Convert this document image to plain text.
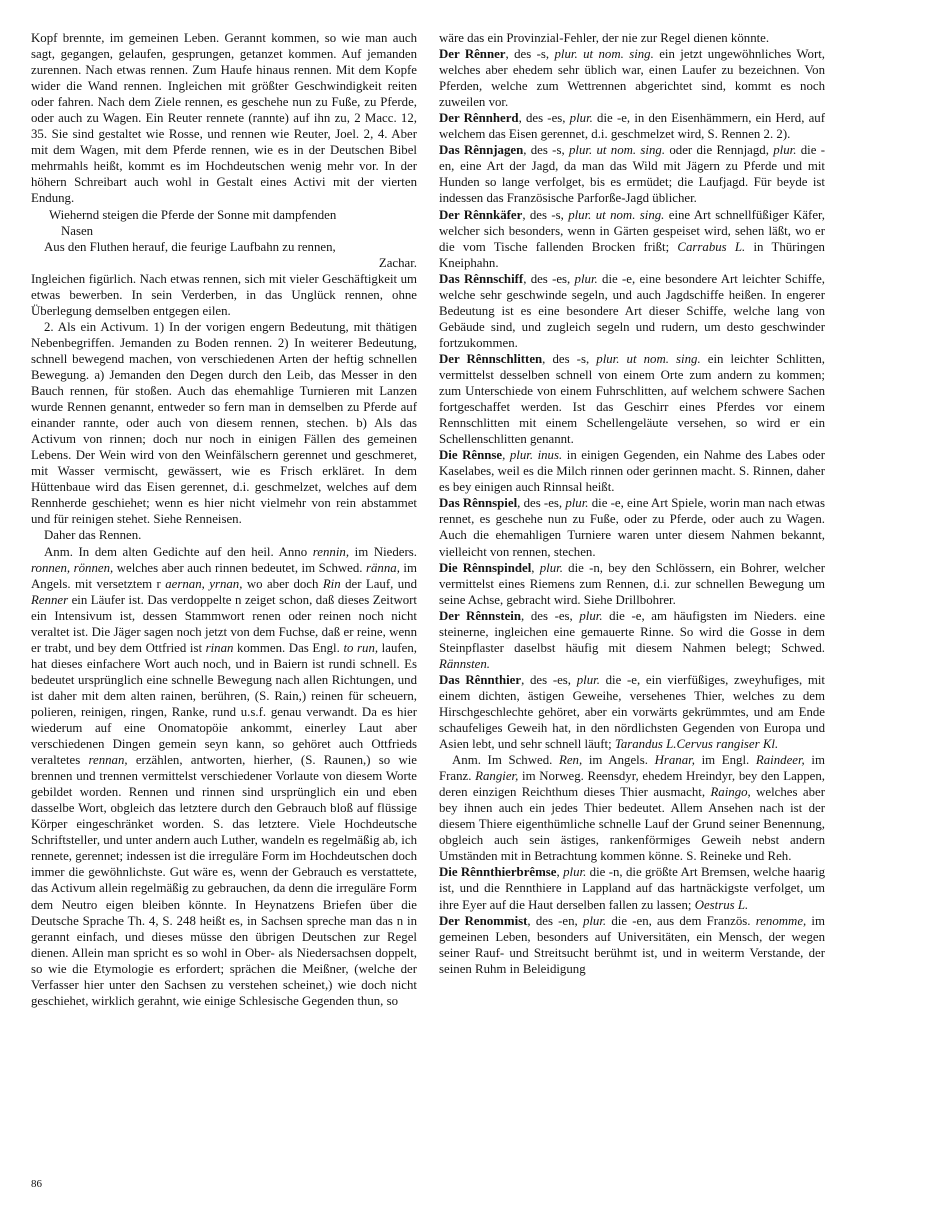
Kopf brennte, im gemeinen Leben. Gerannt kommen, so wie man auch sagt, gegangen, gelaufen, gesprungen, getanzet kommen. Auf jemanden zurennen. Nach etwas rennen. Zum Haufe hinaus rennen. Mit dem Kopfe wider die Wand rennen. Ingleichen mit größter Geschwindigkeit reiten oder fahren. Nach dem Ziele rennen, es geschehe nun zu Fuße, zu Pferde, oder auch zu Wagen. Ein Reuter rennete (rannte) auf ihn zu, 2 Macc. 12, 35. Sie sind gestaltet wie Rosse, und rennen wie Reuter, Joel. 2, 4. Aber mit dem Wagen, mit dem Pferde rennen, wie es in der Deutschen Bibel mehrmahls heißt, kommt es im Hochdeutschen wenig mehr vor. In der höhern Schreibart auch wohl in Gestalt eines Activi mit der vierten Endung.

Wiehernd steigen die Pferde der Sonne mit dampfenden

Nasen

Aus den Fluthen herauf, die feurige Laufbahn zu rennen,

Zachar.

Ingleichen figürlich. Nach etwas rennen, sich mit vieler Geschäftigkeit um etwas bewerben. In sein Verderben, in das Unglück rennen, ohne Überlegung demselben entgegen eilen.

2. Als ein Activum. 1) In der vorigen engern Bedeutung, mit thätigen Nebenbegriffen. Jemanden zu Boden rennen. 2) In weiterer Bedeutung, schnell bewegend machen, von verschiedenen Arten der heftig schnellen Bewegung. a) Jemanden den Degen durch den Leib, das Messer in den Bauch rennen, für stoßen. Auch das ehemahlige Turnieren mit Lanzen wurde Rennen genannt, entweder so fern man in demselben zu Pferde auf einander rannte, oder auch von diesem rennen, stechen. b) Als das Activum von rinnen; doch nur noch in einigen Fällen des gemeinen Lebens. Der Wein wird von den Weinfälschern gerennet und geschmeret, mit Wasser vermischt, gewässert, wie es Frisch erkläret. In dem Hüttenbaue wird das Eisen gerennet, d.i. geschmelzet, welches auf dem Rennherde geschiehet; wenn es hier nicht vielmehr von rein abstammet und für reinigen stehet. Siehe Renneisen.

Daher das Rennen.

Anm. In dem alten Gedichte auf den heil. Anno rennin, im Nieders. ronnen, rönnen, welches aber auch rinnen bedeutet, im Schwed. ränna, im Angels. mit versetztem r aernan, yrnan, wo aber doch Rin der Lauf, und Renner ein Läufer ist. Das verdoppelte n zeiget schon, daß dieses Zeitwort ein Intensivum ist, dessen Stammwort renen oder reinen noch nicht veraltet ist. Die Jäger sagen noch jetzt von dem Fuchse, daß er reine, wenn er trabt, und bey dem Ottfried ist rinan kommen. Das Engl. to run, laufen, hat dieses einfachere Wort auch noch, und in Baiern ist rundi schnell. Es bedeutet ursprünglich eine schnelle Bewegung nach allen Richtungen, und ist daher mit dem alten rainen, berühren, (S. Rain,) reinen für scheuern, polieren, reinigen, ringen, Ranke, rund u.s.f. genau verwandt. Da es hier wiederum auf eine Onomatopöie ankommt, einerley Laut aber verschiedenen Dingen gemein seyn kann, so gehöret auch Ottfrieds veraltetes rennan, erzählen, antworten, hierher, (S. Raunen,) so wie brennen und trennen vermittelst verschiedener Vorlaute von diesem Worte gebildet worden. Rennen und rinnen sind ursprünglich ein und eben dasselbe Wort, obgleich das letztere durch den Gebrauch bloß auf flüssige Körper eingeschränket worden. S. das letztere. Viele Hochdeutsche Schriftsteller, und unter andern auch Luther, wandeln es regelmäßig ab, ich rennete, gerennet; indessen ist die irreguläre Form im Hochdeutschen doch immer die gewöhnlichste. Gut wäre es, wenn der Gebrauch es verstattete, das Activum allein regelmäßig zu gebrauchen, da denn die irreguläre Form dem Neutro eigen bleiben könnte. In Heynatzens Briefen über die Deutsche Sprache Th. 4, S. 248 heißt es, in Sachsen spreche man das n in gerannt einfach, und dieses müsse den übrigen Deutschen zur Regel dienen. Allein man spricht es so wohl in Ober- als Niedersachsen doppelt, so wie die Etymologie es erfordert; sprächen die Meißner, (welche der Verfasser hier unter den Sachsen zu verstehen scheinet,) wie doch nicht geschiehet, wirklich gerahnt, wie einige Schlesische Gegenden thun, so

wäre das ein Provinzial-Fehler, der nie zur Regel dienen könnte.

Der Rênner, des -s, plur. ut nom. sing. ein jetzt ungewöhnliches Wort, welches aber ehedem sehr üblich war, einen Laufer zu bezeichnen. Von Pferden, welche zum Wettrennen abgerichtet sind, kommt es noch zuweilen vor.

Der Rênnherd, des -es, plur. die -e, in den Eisenhämmern, ein Herd, auf welchem das Eisen gerennet, d.i. geschmelzet wird, S. Rennen 2. 2).

Das Rênnjagen, des -s, plur. ut nom. sing. oder die Rennjagd, plur. die -en, eine Art der Jagd, da man das Wild mit Jägern zu Pferde und mit Hunden so lange verfolget, bis es ermüdet; die Laufjagd. Für beyde ist indessen das Französische Parforße-Jagd üblicher.

Der Rênnkäfer, des -s, plur. ut nom. sing. eine Art schnellfüßiger Käfer, welcher sich besonders, wenn in Gärten gespeiset wird, sehen läßt, wo er die vom Tische fallenden Brocken frißt; Carrabus L. in Thüringen Kneiphahn.

Das Rênnschiff, des -es, plur. die -e, eine besondere Art leichter Schiffe, welche sehr geschwinde segeln, und auch Jagdschiffe heißen. In engerer Bedeutung ist es eine besondere Art dieser Schiffe, welche lang von Gebäude sind, und zugleich segeln und rudern, um desto geschwinder fortzukommen.

Der Rênnschlitten, des -s, plur. ut nom. sing. ein leichter Schlitten, vermittelst desselben schnell von einem Orte zum andern zu kommen; zum Unterschiede von einem Fuhrschlitten, auf welchem schwere Sachen fortgeschaffet werden. Ist das Geschirr eines Pferdes vor einem Rennschlitten mit einem Schellengeläute versehen, so wird er ein Schellenschlitten genannt.

Die Rênnse, plur. inus. in einigen Gegenden, ein Nahme des Labes oder Kaselabes, weil es die Milch rinnen oder gerinnen macht. S. Rinnen, daher es bey einigen auch Rinnsal heißt.

Das Rênnspiel, des -es, plur. die -e, eine Art Spiele, worin man nach etwas rennet, es geschehe nun zu Fuße, oder zu Pferde, oder auch zu Wagen. Auch die ehemahligen Turniere waren unter diesem Nahmen bekannt, vielleicht von rennen, stechen.

Die Rênnspindel, plur. die -n, bey den Schlössern, ein Bohrer, welcher vermittelst eines Riemens zum Rennen, d.i. zur schnellen Bewegung um seine Achse, gebracht wird. Siehe Drillbohrer.

Der Rênnstein, des -es, plur. die -e, am häufigsten im Nieders. eine steinerne, ingleichen eine gemauerte Rinne. So wird die Gosse in dem Steinpflaster daselbst häufig mit diesem Nahmen belegt; Schwed. Rännsten.

Das Rênnthier, des -es, plur. die -e, ein vierfüßiges, zweyhufiges, mit einem dichten, ästigen Geweihe, versehenes Thier, welches zu dem Hirschgeschlechte gehöret, aber ein vorwärts gekrümmtes, und am Ende schaufeliges Geweih hat, in den nördlichsten Gegenden von Europa und Asien lebt, und sehr schnell läuft; Tarandus L.Cervus rangiser Kl.

Anm. Im Schwed. Ren, im Angels. Hranar, im Engl. Raindeer, im Franz. Rangier, im Norweg. Reensdyr, ehedem Hreindyr, bey den Lappen, deren einzigen Reichthum dieses Thier ausmacht, Raingo, welches aber bey ihnen auch ein jedes Thier bedeutet. Allem Ansehen nach ist der diesem Thiere eigenthümliche schnelle Lauf der Grund seiner Benennung, obgleich auch sein ästiges, rankenförmiges Geweih nebst andern Umständen mit in Betrachtung kommen könne. S. Reineke und Reh.

Die Rênnthierbrêmse, plur. die -n, die größte Art Bremsen, welche haarig ist, und die Rennthiere in Lappland auf das hartnäckigste verfolget, um ihre Eyer auf die Haut derselben fallen zu lassen; Oestrus L.

Der Renommist, des -en, plur. die -en, aus dem Französ. renomme, im gemeinen Leben, besonders auf Universitäten, ein Mensch, der wegen seiner Rauf- und Streitsucht berühmt ist, und in weiterm Verstande, der seinen Ruhm in Beleidigung

86
